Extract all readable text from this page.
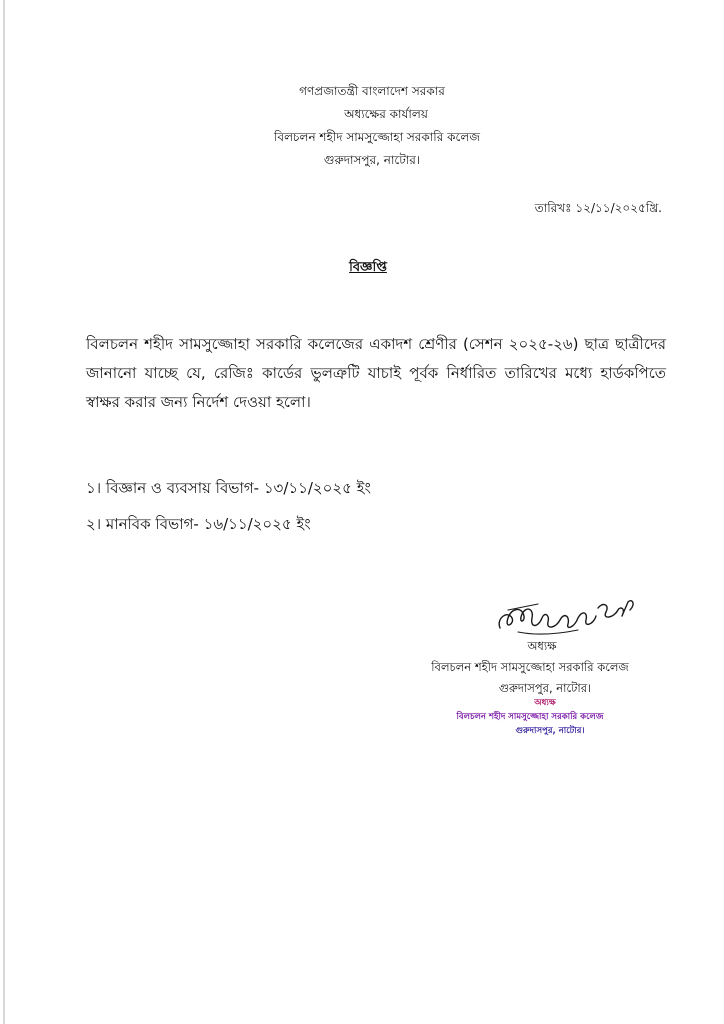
গণপ্রজাতন্ত্রী বাংলাদেশ সরকার
অধ্যক্ষের কার্যালয়
বিলচলন শহীদ সামসুজ্জোহা সরকারি কলেজ
গুরুদাসপুর, নাটোর।
তারিখঃ ১২/১১/২০২৫খ্রি.
বিজ্ঞপ্তি
বিলচলন শহীদ সামসুজ্জোহা সরকারি কলেজের একাদশ শ্রেণীর (সেশন ২০২৫-২৬) ছাত্র ছাত্রীদের জানানো যাচ্ছে যে, রেজিঃ কার্ডের ভুলত্রুটি যাচাই পূর্বক নির্ধারিত তারিখের মধ্যে হার্ডকপিতে স্বাক্ষর করার জন্য নির্দেশ দেওয়া হলো।
১। বিজ্ঞান ও ব্যবসায় বিভাগ- ১৩/১১/২০২৫ ইং
২। মানবিক বিভাগ- ১৬/১১/২০২৫ ইং
অধ্যক্ষ
বিলচলন শহীদ সামসুজ্জোহা সরকারি কলেজ
গুরুদাসপুর, নাটোর।
অধ্যক্ষ
বিলচলন শহীদ সামসুজ্জোহা সরকারি কলেজ
গুরুদাসপুর, নাটোর।
